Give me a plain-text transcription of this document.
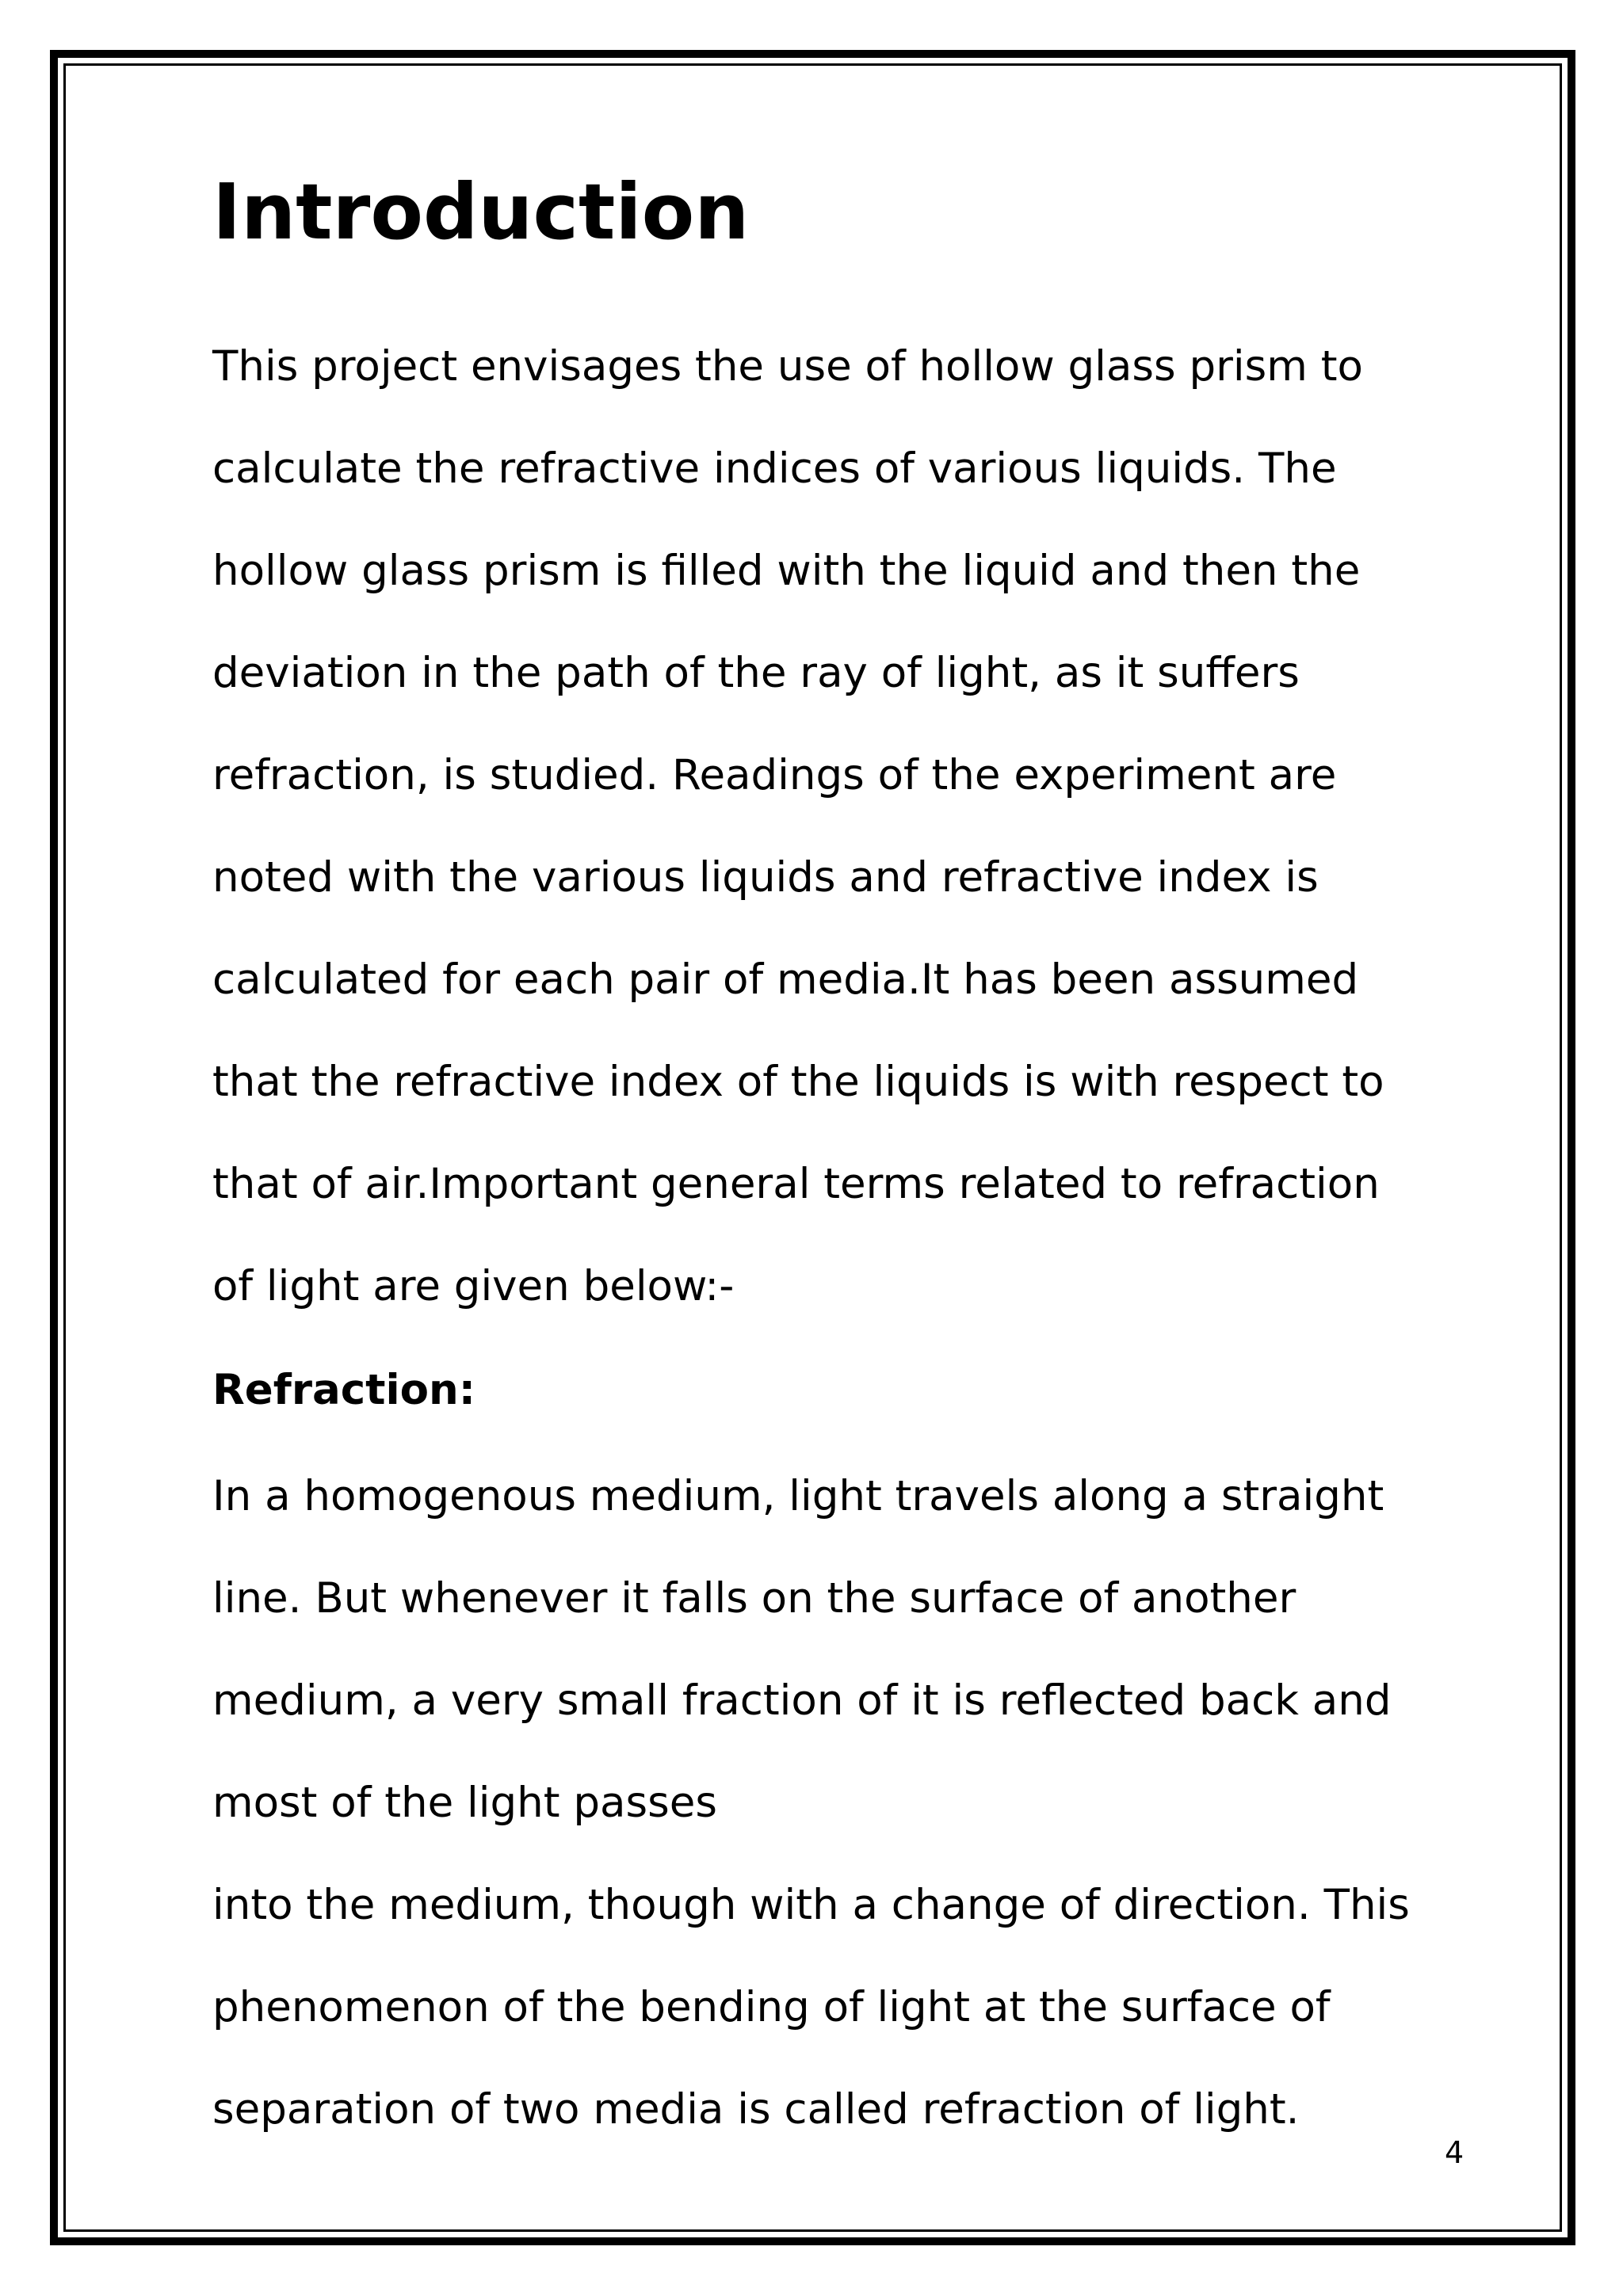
Introduction

This project envisages the use of hollow glass prism to

calculate the refractive indices of various liquids. The

hollow glass prism is filled with the liquid and then the

deviation in the path of the ray of light, as it suffers

refraction, is studied. Readings of the experiment are

noted with the various liquids and refractive index is

calculated for each pair of media.It has been assumed

that the refractive index of the liquids is with respect to

that of air.Important general terms related to refraction

of light are given below:-

Refraction:

In a homogenous medium, light travels along a straight

line. But whenever it falls on the surface of another

medium, a very small fraction of it is reflected back and

most of the light passes

into the medium, though with a change of direction. This

phenomenon of the bending of light at the surface of

separation of two media is called refraction of light.

4
